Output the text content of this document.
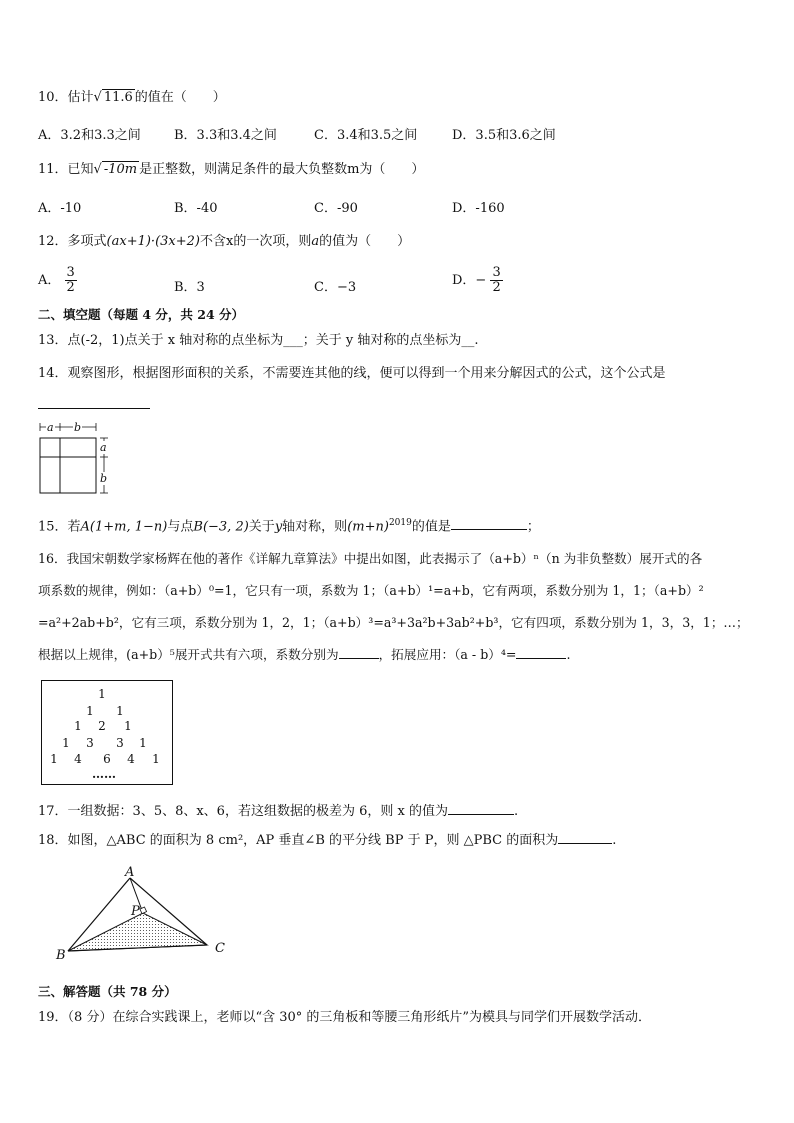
10．估计√ 11.6 的值在（　　）
A．3.2和3.3之间	B．3.3和3.4之间	C．3.4和3.5之间	D．3.5和3.6之间
11．已知√ -10m 是正整数，则满足条件的最大负整数m为（　　）
A．-10	B．-40	C．-90	D．-160
12．多项式(ax+1)·(3x+2)不含x的一次项，则a的值为（　　）
A． $\frac{3}{2}$	B．3	C．−3	D．− $\frac{3}{2}$
二、填空题（每题 4 分，共 24 分）
13．点(-2，1)点关于 x 轴对称的点坐标为___；关于 y 轴对称的点坐标为__.
14．观察图形，根据图形面积的关系，不需要连其他的线，便可以得到一个用来分解因式的公式，这个公式是
a b
a
b
15．若A(1+m, 1−n)与点B(−3, 2)关于y轴对称，则$(m+n)^{2019}$的值是	；
16．我国宋朝数学家杨辉在他的著作《详解九章算法》中提出如图，此表揭示了（a+b）ⁿ（n 为非负整数）展开式的各
项系数的规律，例如：（a+b）⁰=1，它只有一项，系数为 1；（a+b）¹=a+b，它有两项，系数分别为 1，1；（a+b）²
=a²+2ab+b²，它有三项，系数分别为 1，2，1；（a+b）³=a³+3a²b+3ab²+b³，它有四项，系数分别为 1，3，3，1；…；
根据以上规律，(a+b）⁵展开式共有六项，系数分别为	，拓展应用：（a - b）⁴=	.
1
1 1
1 2 1
1 3 3 1
1 4 6 4 1
……
17．一组数据：3、5、8、x、6，若这组数据的极差为 6，则 x 的值为	.
18．如图，△ABC 的面积为 8 cm²，AP 垂直∠B 的平分线 BP 于 P，则 △PBC 的面积为	.
A
B	C
P
三、解答题（共 78 分）
19．（8 分）在综合实践课上，老师以“含 30° 的三角板和等腰三角形纸片”为模具与同学们开展数学活动．
